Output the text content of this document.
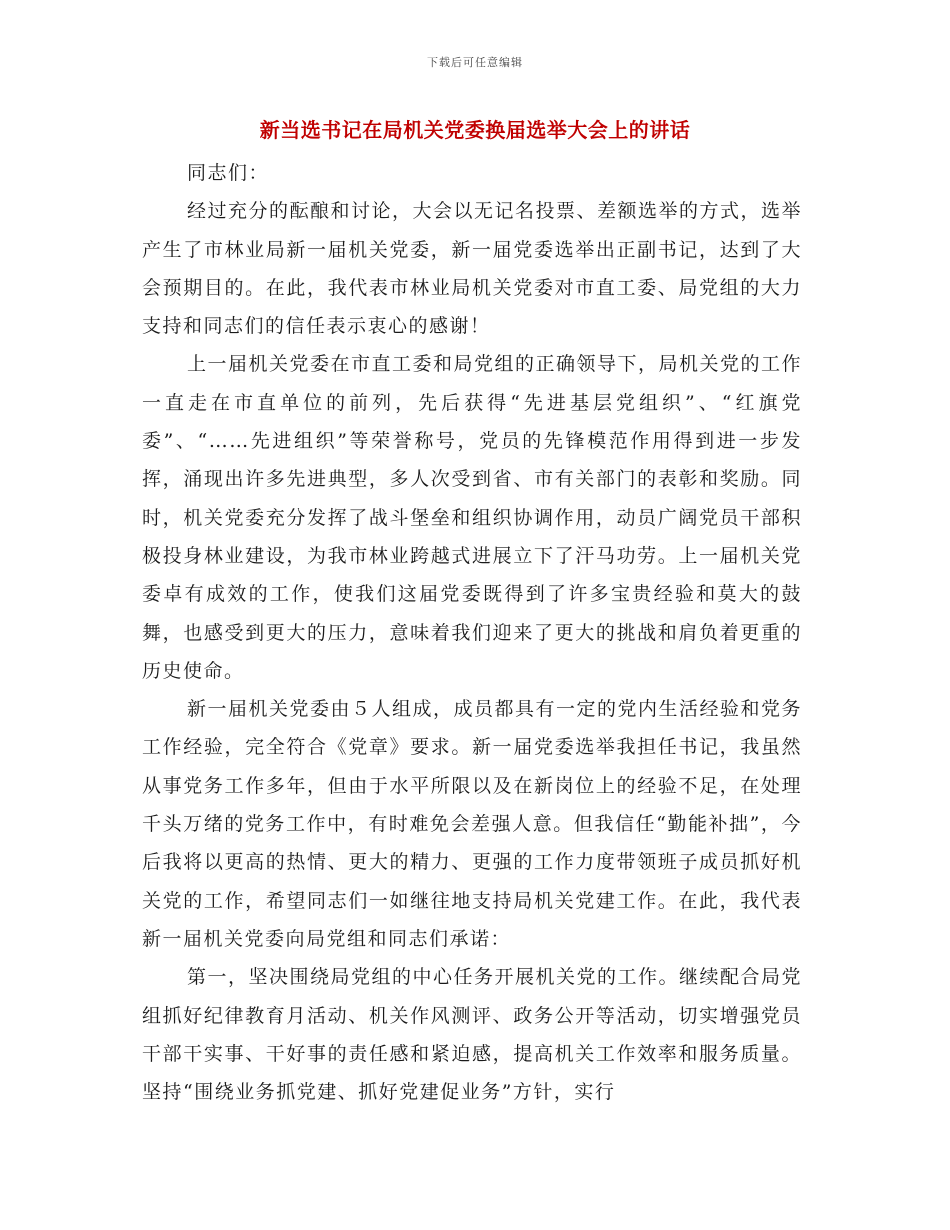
下载后可任意编辑
新当选书记在局机关党委换届选举大会上的讲话

同志们：

经过充分的酝酿和讨论，大会以无记名投票、差额选举的方式，选举产生了市林业局新一届机关党委，新一届党委选举出正副书记，达到了大会预期目的。在此，我代表市林业局机关党委对市直工委、局党组的大力支持和同志们的信任表示衷心的感谢！

上一届机关党委在市直工委和局党组的正确领导下，局机关党的工作一直走在市直单位的前列，先后获得“先进基层党组织”、“红旗党委”、“……先进组织”等荣誉称号，党员的先锋模范作用得到进一步发挥，涌现出许多先进典型，多人次受到省、市有关部门的表彰和奖励。同时，机关党委充分发挥了战斗堡垒和组织协调作用，动员广阔党员干部积极投身林业建设，为我市林业跨越式进展立下了汗马功劳。上一届机关党委卓有成效的工作，使我们这届党委既得到了许多宝贵经验和莫大的鼓舞，也感受到更大的压力，意味着我们迎来了更大的挑战和肩负着更重的历史使命。

新一届机关党委由５人组成，成员都具有一定的党内生活经验和党务工作经验，完全符合《党章》要求。新一届党委选举我担任书记，我虽然从事党务工作多年，但由于水平所限以及在新岗位上的经验不足，在处理千头万绪的党务工作中，有时难免会差强人意。但我信任“勤能补拙”，今后我将以更高的热情、更大的精力、更强的工作力度带领班子成员抓好机关党的工作，希望同志们一如继往地支持局机关党建工作。在此，我代表新一届机关党委向局党组和同志们承诺：

第一，坚决围绕局党组的中心任务开展机关党的工作。继续配合局党组抓好纪律教育月活动、机关作风测评、政务公开等活动，切实增强党员干部干实事、干好事的责任感和紧迫感，提高机关工作效率和服务质量。坚持“围绕业务抓党建、抓好党建促业务”方针，实行
